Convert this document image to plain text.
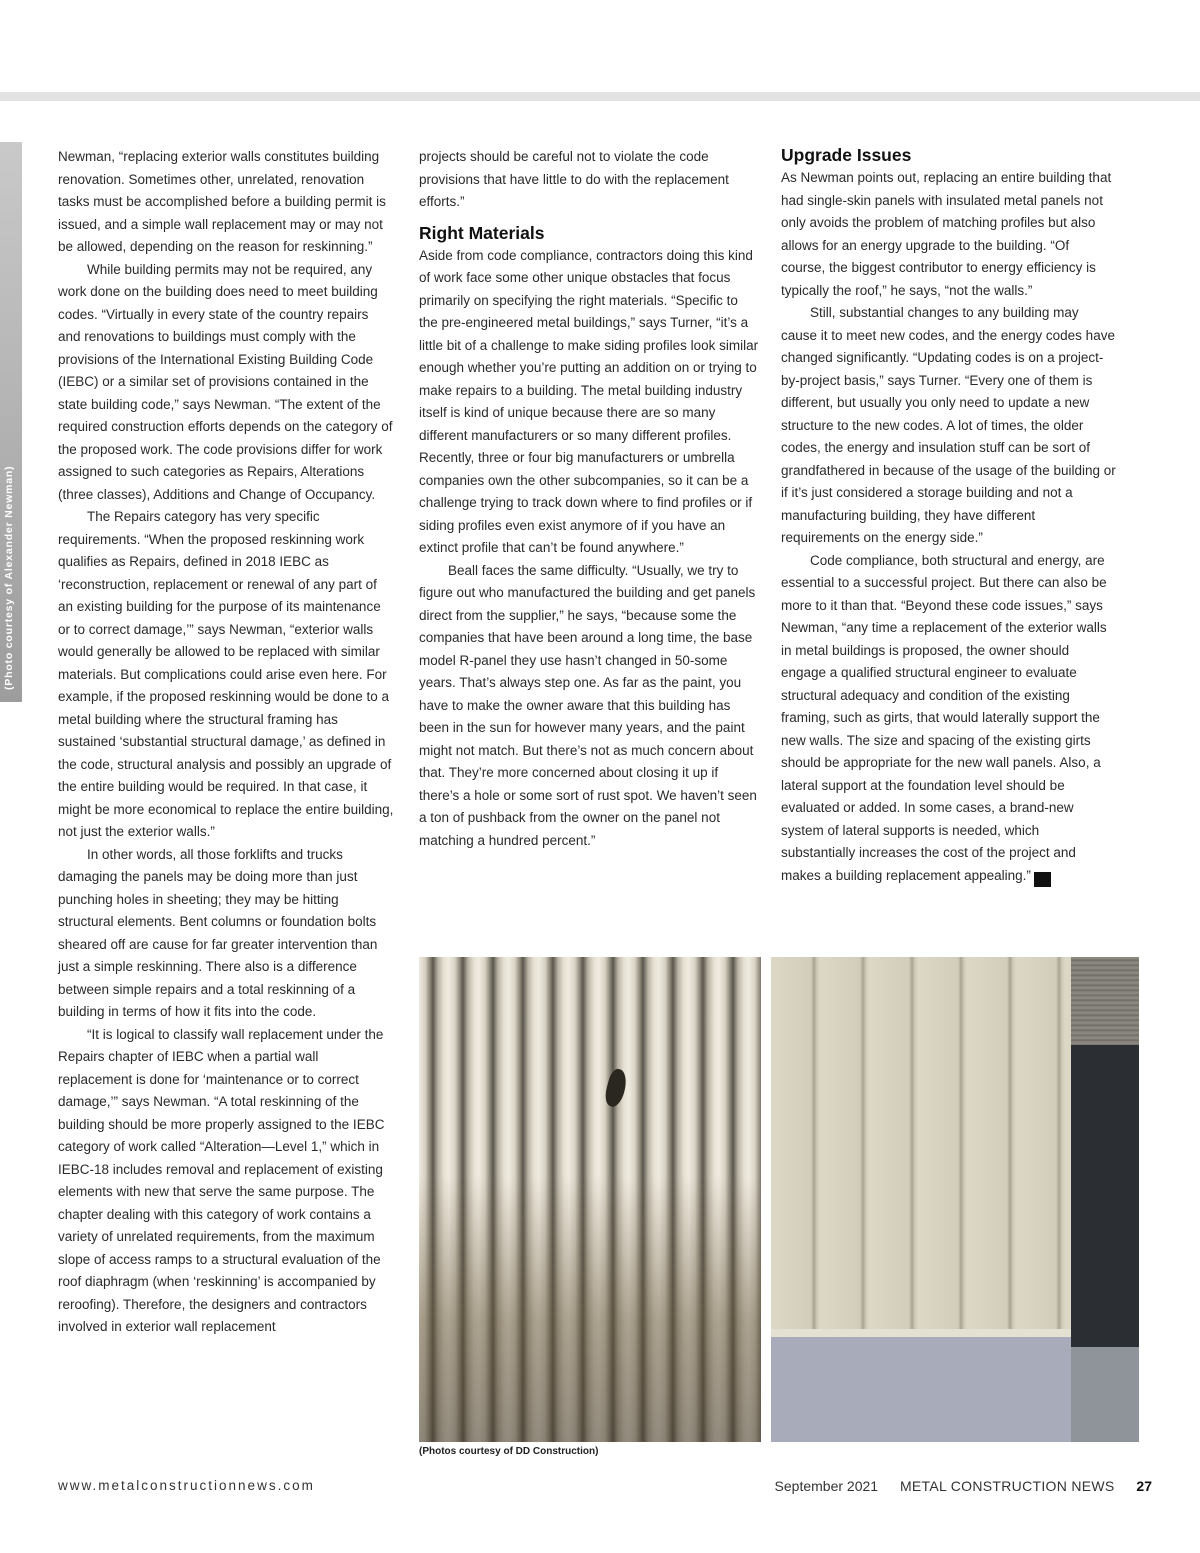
(Photo courtesy of Alexander Newman)

Newman, “replacing exterior walls constitutes building renovation. Sometimes other, unrelated, renovation tasks must be accomplished before a building permit is issued, and a simple wall replacement may or may not be allowed, depending on the reason for reskinning.”

While building permits may not be required, any work done on the building does need to meet building codes. “Virtually in every state of the country repairs and renovations to buildings must comply with the provisions of the International Existing Building Code (IEBC) or a similar set of provisions contained in the state building code,” says Newman. “The extent of the required construction efforts depends on the category of the proposed work. The code provisions differ for work assigned to such categories as Repairs, Alterations (three classes), Additions and Change of Occupancy.

The Repairs category has very specific requirements. “When the proposed reskinning work qualifies as Repairs, defined in 2018 IEBC as ‘reconstruction, replacement or renewal of any part of an existing building for the purpose of its maintenance or to correct damage,’” says Newman, “exterior walls would generally be allowed to be replaced with similar materials. But complications could arise even here. For example, if the proposed reskinning would be done to a metal building where the structural framing has sustained ‘substantial structural damage,’ as defined in the code, structural analysis and possibly an upgrade of the entire building would be required. In that case, it might be more economical to replace the entire building, not just the exterior walls.”

In other words, all those forklifts and trucks damaging the panels may be doing more than just punching holes in sheeting; they may be hitting structural elements. Bent columns or foundation bolts sheared off are cause for far greater intervention than just a simple reskinning. There also is a difference between simple repairs and a total reskinning of a building in terms of how it fits into the code.

“It is logical to classify wall replacement under the Repairs chapter of IEBC when a partial wall replacement is done for ‘maintenance or to correct damage,’” says Newman. “A total reskinning of the building should be more properly assigned to the IEBC category of work called “Alteration—Level 1,” which in IEBC-18 includes removal and replacement of existing elements with new that serve the same purpose. The chapter dealing with this category of work contains a variety of unrelated requirements, from the maximum slope of access ramps to a structural evaluation of the roof diaphragm (when ‘reskinning’ is accompanied by reroofing). Therefore, the designers and contractors involved in exterior wall replacement

projects should be careful not to violate the code provisions that have little to do with the replacement efforts.”

Right Materials

Aside from code compliance, contractors doing this kind of work face some other unique obstacles that focus primarily on specifying the right materials. “Specific to the pre-engineered metal buildings,” says Turner, “it’s a little bit of a challenge to make siding profiles look similar enough whether you’re putting an addition on or trying to make repairs to a building. The metal building industry itself is kind of unique because there are so many different manufacturers or so many different profiles. Recently, three or four big manufacturers or umbrella companies own the other subcompanies, so it can be a challenge trying to track down where to find profiles or if siding profiles even exist anymore of if you have an extinct profile that can’t be found anywhere.”

Beall faces the same difficulty. “Usually, we try to figure out who manufactured the building and get panels direct from the supplier,” he says, “because some the companies that have been around a long time, the base model R-panel they use hasn’t changed in 50-some years. That’s always step one. As far as the paint, you have to make the owner aware that this building has been in the sun for however many years, and the paint might not match. But there’s not as much concern about that. They’re more concerned about closing it up if there’s a hole or some sort of rust spot. We haven’t seen a ton of pushback from the owner on the panel not matching a hundred percent.”

Upgrade Issues

As Newman points out, replacing an entire building that had single-skin panels with insulated metal panels not only avoids the problem of matching profiles but also allows for an energy upgrade to the building. “Of course, the biggest contributor to energy efficiency is typically the roof,” he says, “not the walls.”

Still, substantial changes to any building may cause it to meet new codes, and the energy codes have changed significantly. “Updating codes is on a project-by-project basis,” says Turner. “Every one of them is different, but usually you only need to update a new structure to the new codes. A lot of times, the older codes, the energy and insulation stuff can be sort of grandfathered in because of the usage of the building or if it’s just considered a storage building and not a manufacturing building, they have different requirements on the energy side.”

Code compliance, both structural and energy, are essential to a successful project. But there can also be more to it than that. “Beyond these code issues,” says Newman, “any time a replacement of the exterior walls in metal buildings is proposed, the owner should engage a qualified structural engineer to evaluate structural adequacy and condition of the existing framing, such as girts, that would laterally support the new walls. The size and spacing of the existing girts should be appropriate for the new wall panels. Also, a lateral support at the foundation level should be evaluated or added. In some cases, a brand-new system of lateral supports is needed, which substantially increases the cost of the project and makes a building replacement appealing.”	MCN

(Photos courtesy of DD Construction)
www.metalconstructionnews.com	September 2021 METAL CONSTRUCTION NEWS 27
